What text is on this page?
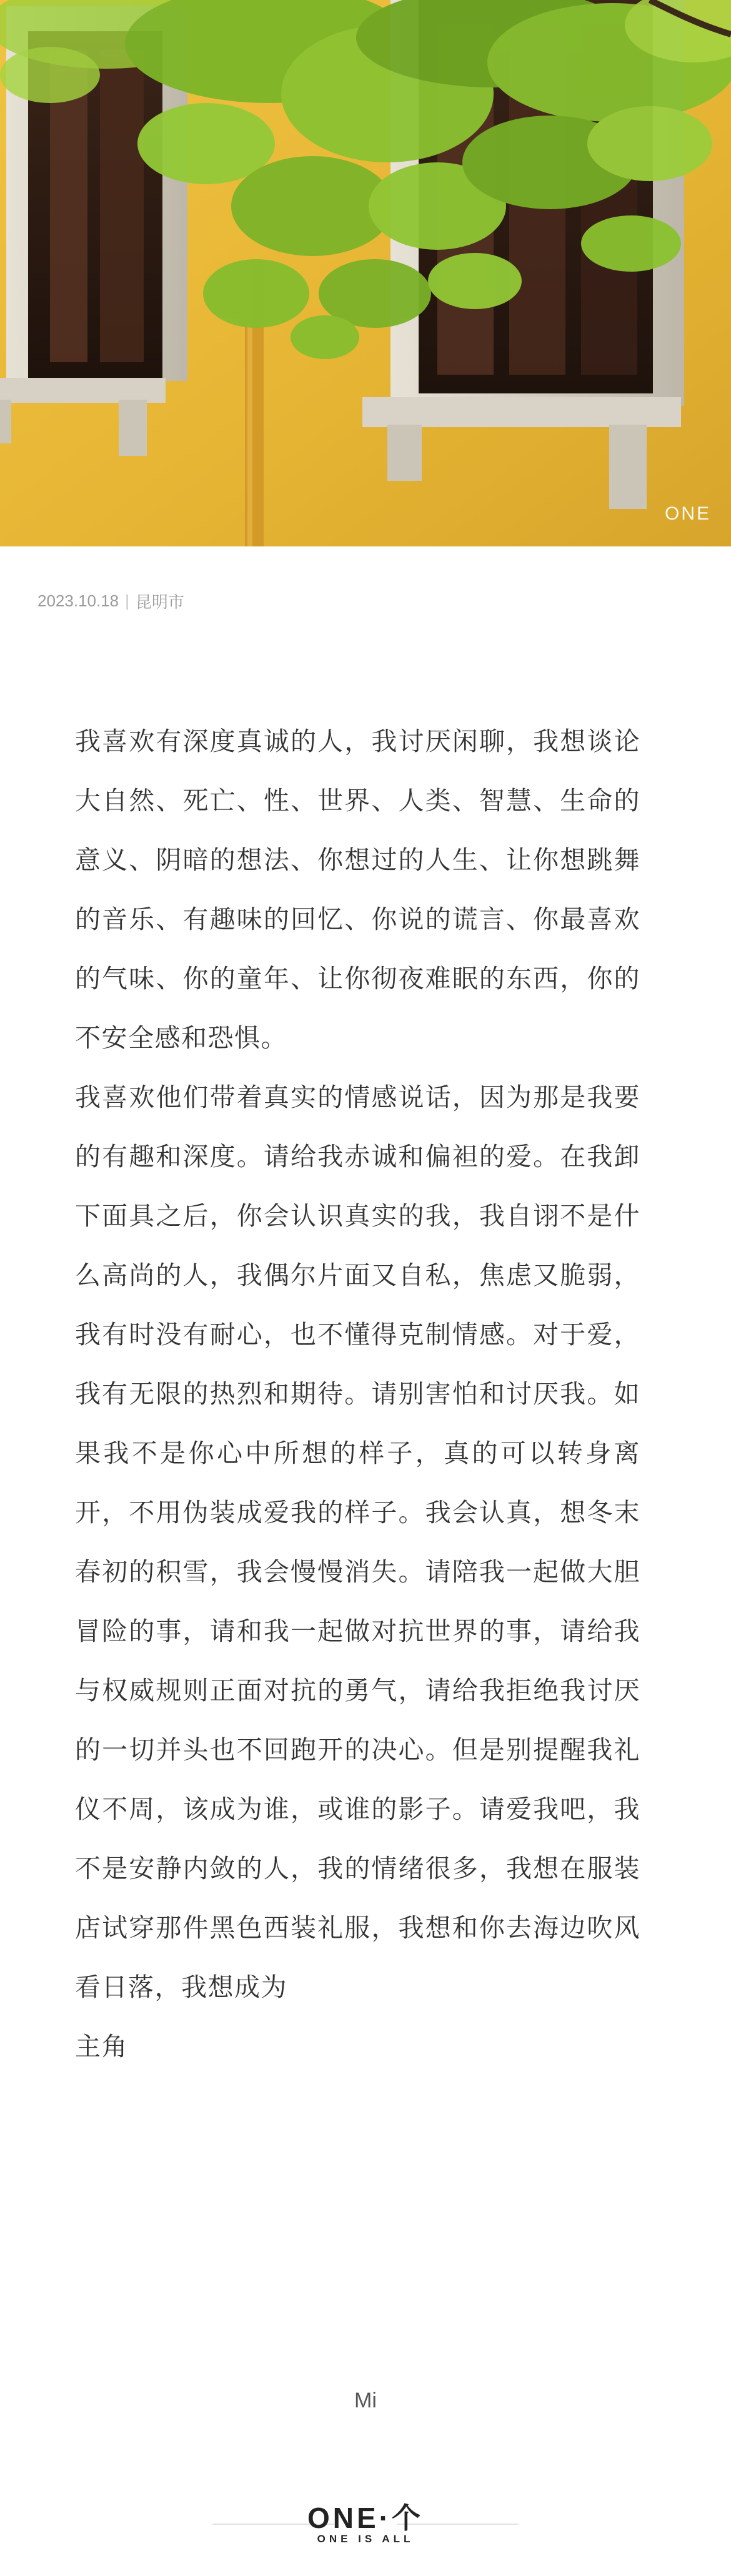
ONE
2023.10.18 | 昆明市

我喜欢有深度真诚的人，我讨厌闲聊，我想谈论大自然、死亡、性、世界、人类、智慧、生命的意义、阴暗的想法、你想过的人生、让你想跳舞的音乐、有趣味的回忆、你说的谎言、你最喜欢的气味、你的童年、让你彻夜难眠的东西，你的不安全感和恐惧。

我喜欢他们带着真实的情感说话，因为那是我要的有趣和深度。请给我赤诚和偏袒的爱。在我卸下面具之后，你会认识真实的我，我自诩不是什么高尚的人，我偶尔片面又自私，焦虑又脆弱，我有时没有耐心，也不懂得克制情感。对于爱，我有无限的热烈和期待。请别害怕和讨厌我。如果我不是你心中所想的样子，真的可以转身离开，不用伪装成爱我的样子。我会认真，想冬末春初的积雪，我会慢慢消失。请陪我一起做大胆冒险的事，请和我一起做对抗世界的事，请给我与权威规则正面对抗的勇气，请给我拒绝我讨厌的一切并头也不回跑开的决心。但是别提醒我礼仪不周，该成为谁，或谁的影子。请爱我吧，我不是安静内敛的人，我的情绪很多，我想在服装店试穿那件黑色西装礼服，我想和你去海边吹风看日落，我想成为

主角

Mi
ONE·个
ONE IS ALL
